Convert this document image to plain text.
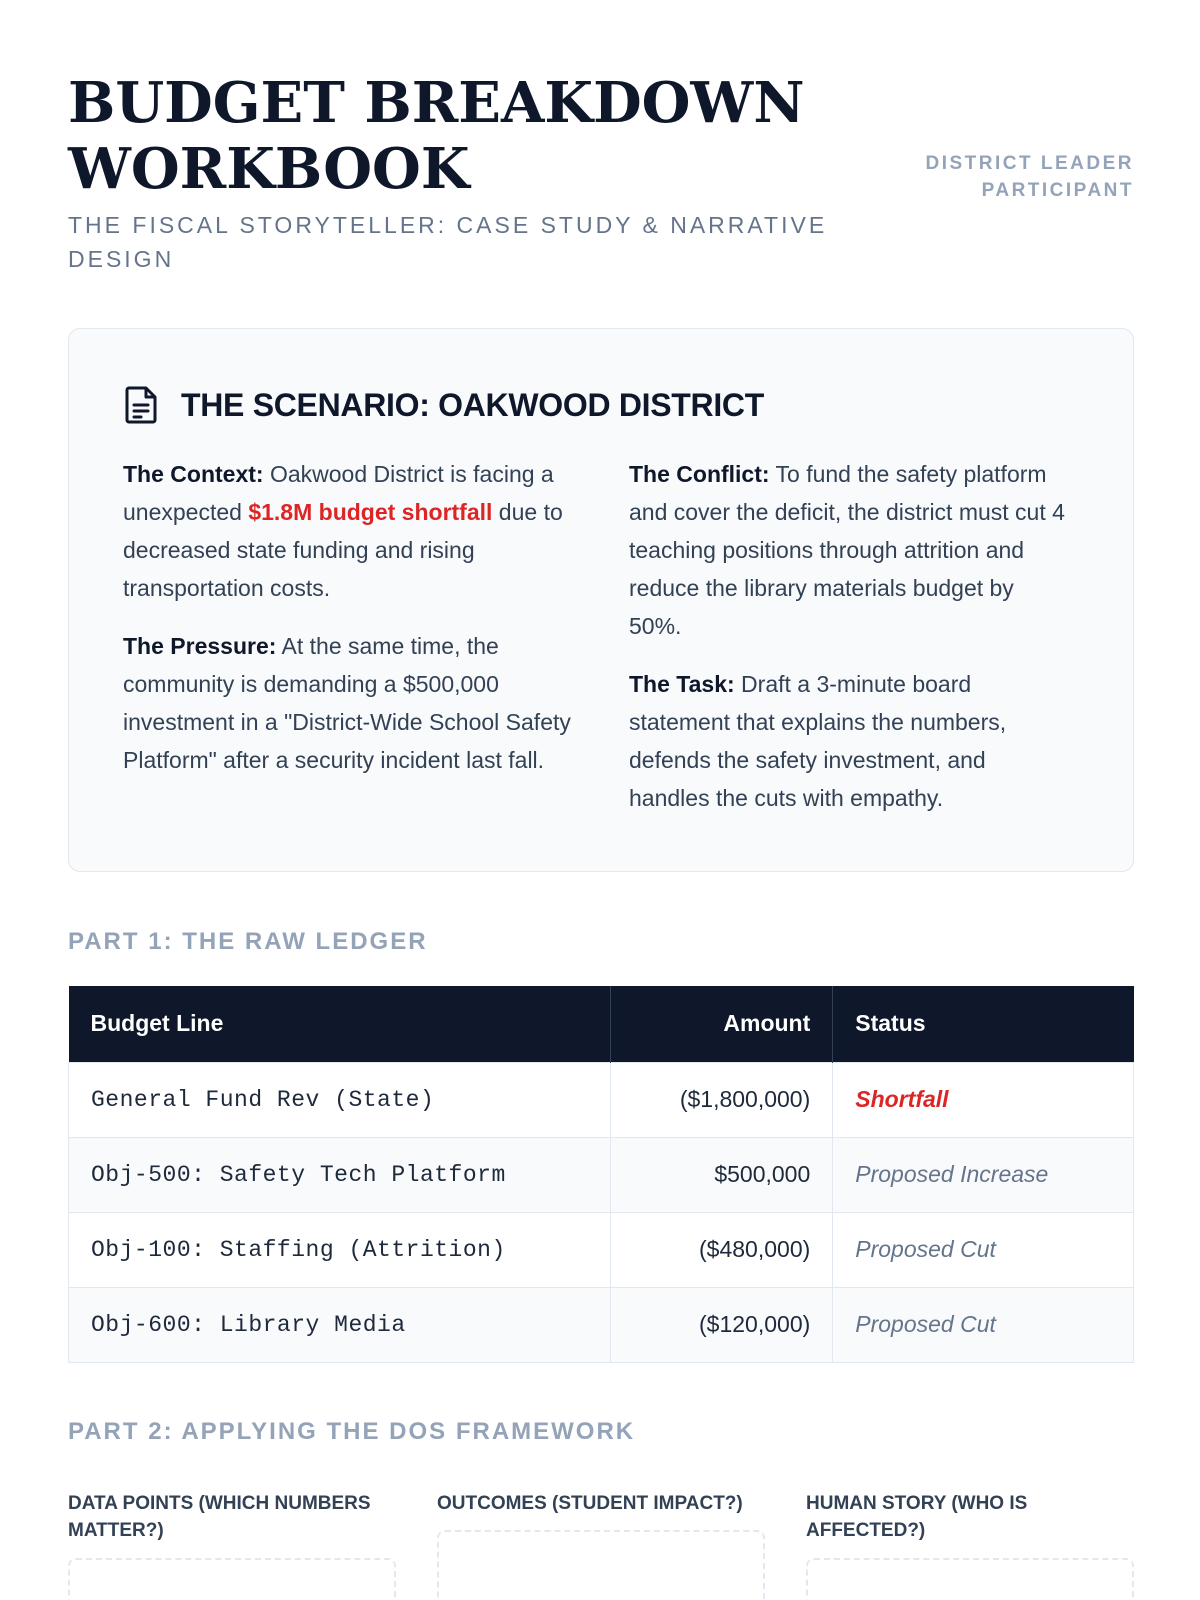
BUDGET BREAKDOWN WORKBOOK
THE FISCAL STORYTELLER: CASE STUDY & NARRATIVE DESIGN
DISTRICT LEADER
PARTICIPANT
THE SCENARIO: OAKWOOD DISTRICT

The Context: Oakwood District is facing a unexpected $1.8M budget shortfall due to decreased state funding and rising transportation costs.

The Pressure: At the same time, the community is demanding a $500,000 investment in a "District-Wide School Safety Platform" after a security incident last fall.

The Conflict: To fund the safety platform and cover the deficit, the district must cut 4 teaching positions through attrition and reduce the library materials budget by 50%.

The Task: Draft a 3-minute board statement that explains the numbers, defends the safety investment, and handles the cuts with empathy.

PART 1: THE RAW LEDGER
Budget Line	Amount	Status
General Fund Rev (State)	($1,800,000)	Shortfall
Obj-500: Safety Tech Platform	$500,000	Proposed Increase
Obj-100: Staffing (Attrition)	($480,000)	Proposed Cut
Obj-600: Library Media	($120,000)	Proposed Cut
PART 2: APPLYING THE DOS FRAMEWORK
DATA POINTS (WHICH NUMBERS MATTER?)
OUTCOMES (STUDENT IMPACT?)	HUMAN STORY (WHO IS AFFECTED?)
